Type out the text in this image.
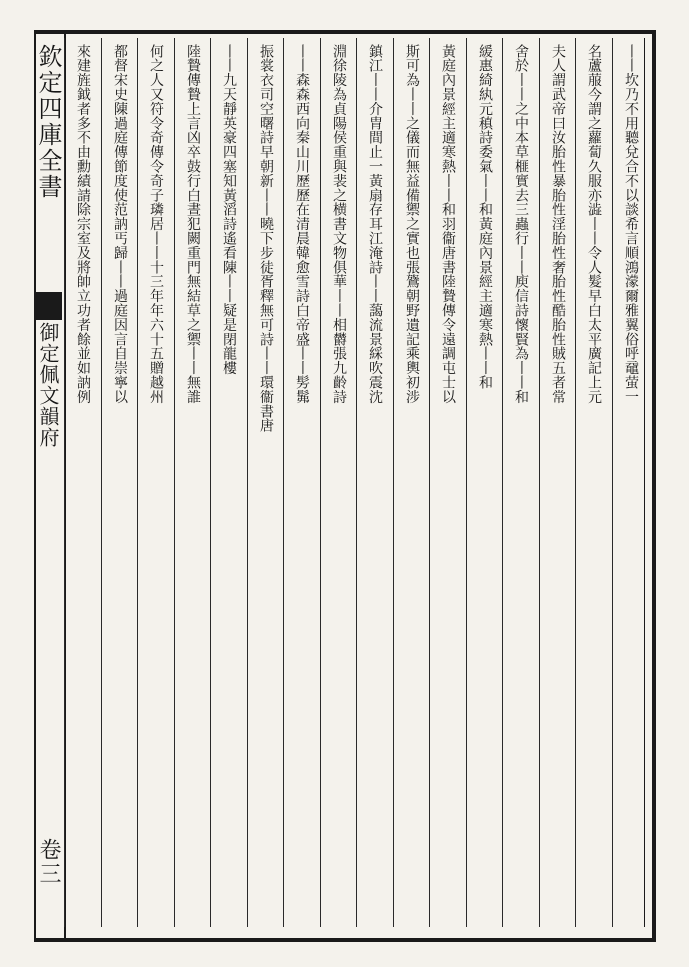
欽定四庫全書
御定佩文韻府
卷三
丨丨坎乃不用聽兌合不以談希言順鴻濛爾雅翼俗呼黿萤一
名蘆菔今謂之蘿蔔久服亦澁丨丨令人髮早白太平廣記上元
夫人謂武帝曰汝胎性暴胎性淫胎性奢胎性酷胎性賊五者常
舍於丨丨之中本草榧實去三蟲行丨丨庾信詩懷賢為丨丨和
緩惠綺紈元稹詩委氣丨丨和黃庭內景經主適寒熱丨丨和
黃庭內景經主適寒熱丨丨和羽衞唐書陸贄傳令遠調屯士以
斯可為丨丨之儀而無益備禦之實也張鷟朝野遺記乘輿初涉
鎮江丨丨介胄間止一黃扇存耳江淹詩丨丨藹流景綵吹震沈
淵徐陵為貞陽侯重與裴之横書文物俱華丨丨相欝張九齡詩
丨丨森森西向秦山川歷歷在清晨韓愈雪詩白帝盛丨丨髣髴
振裳衣司空曙詩早朝新丨丨曉下步徒胥釋無可詩丨丨環衞書唐
丨丨九天靜英豪四塞知黃滔詩遙看陳丨丨疑是閉龍樓
陸贄傳贄上言凶卒鼓行白晝犯闕重門無結草之禦丨丨無誰
何之人又符令奇傳令奇子璘居丨丨十三年年六十五贈越州
都督宋史陳過庭傳節度使范訥丐歸丨丨過庭因言自崇寧以
來建旌鉞者多不由勳績請除宗室及將帥立功者餘並如訥例
